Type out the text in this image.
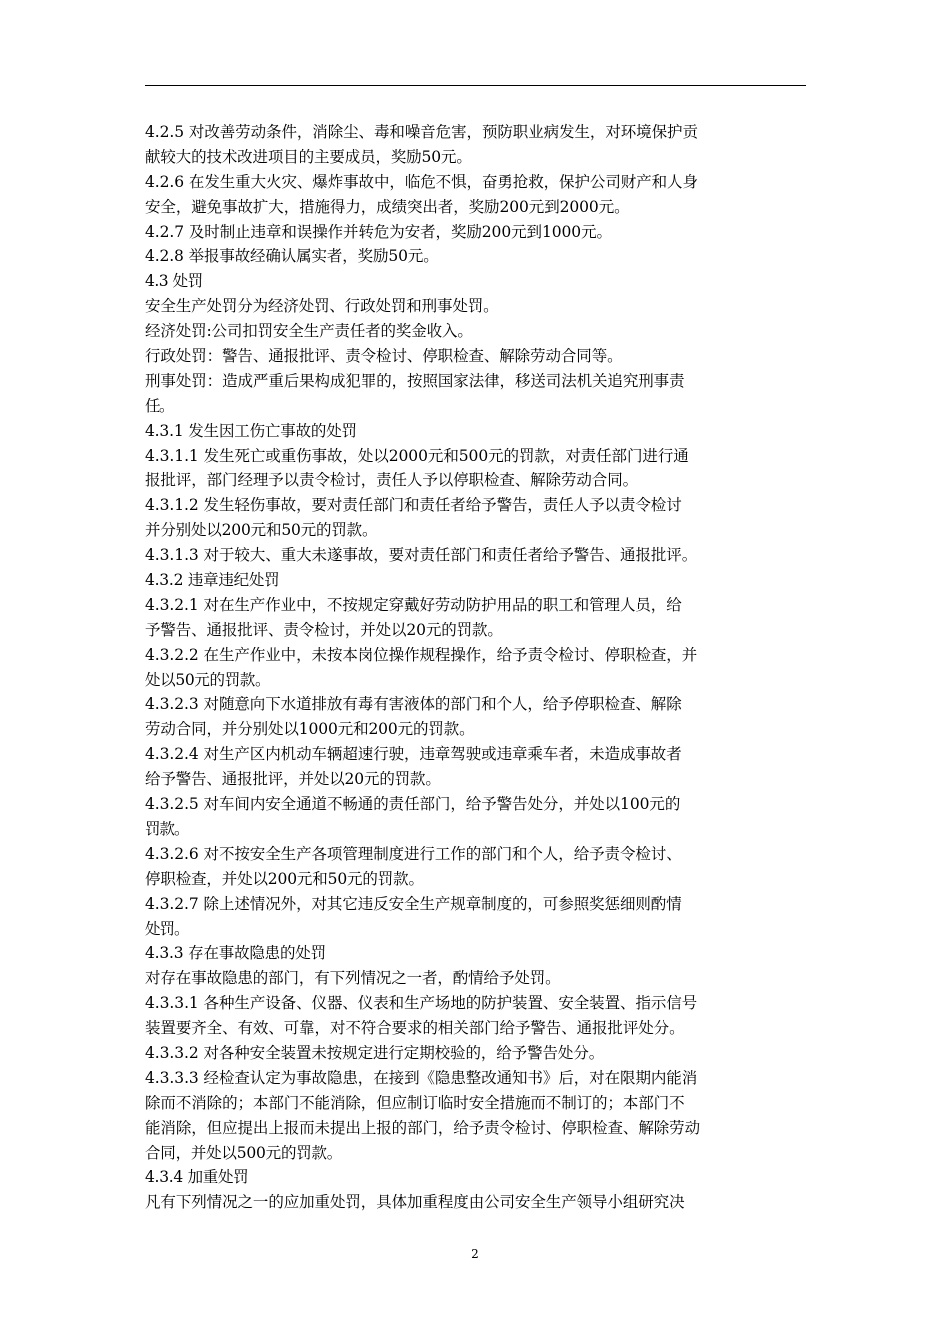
4.2.5 对改善劳动条件，消除尘、毒和噪音危害，预防职业病发生，对环境保护贡
献较大的技术改进项目的主要成员，奖励50元。
4.2.6 在发生重大火灾、爆炸事故中，临危不惧，奋勇抢救，保护公司财产和人身
安全，避免事故扩大，措施得力，成绩突出者，奖励200元到2000元。
4.2.7 及时制止违章和误操作并转危为安者，奖励200元到1000元。
4.2.8 举报事故经确认属实者，奖励50元。
4.3 处罚
安全生产处罚分为经济处罚、行政处罚和刑事处罚。
经济处罚:公司扣罚安全生产责任者的奖金收入。
行政处罚：警告、通报批评、责令检讨、停职检查、解除劳动合同等。
刑事处罚：造成严重后果构成犯罪的，按照国家法律，移送司法机关追究刑事责
任。
4.3.1 发生因工伤亡事故的处罚
4.3.1.1 发生死亡或重伤事故，处以2000元和500元的罚款，对责任部门进行通
报批评，部门经理予以责令检讨，责任人予以停职检查、解除劳动合同。
4.3.1.2 发生轻伤事故，要对责任部门和责任者给予警告，责任人予以责令检讨
并分别处以200元和50元的罚款。
4.3.1.3 对于较大、重大未遂事故，要对责任部门和责任者给予警告、通报批评。
4.3.2 违章违纪处罚
4.3.2.1 对在生产作业中，不按规定穿戴好劳动防护用品的职工和管理人员，给
予警告、通报批评、责令检讨，并处以20元的罚款。
4.3.2.2 在生产作业中，未按本岗位操作规程操作，给予责令检讨、停职检查，并
处以50元的罚款。
4.3.2.3 对随意向下水道排放有毒有害液体的部门和个人，给予停职检查、解除
劳动合同，并分别处以1000元和200元的罚款。
4.3.2.4 对生产区内机动车辆超速行驶，违章驾驶或违章乘车者，未造成事故者
给予警告、通报批评，并处以20元的罚款。
4.3.2.5 对车间内安全通道不畅通的责任部门，给予警告处分，并处以100元的
罚款。
4.3.2.6 对不按安全生产各项管理制度进行工作的部门和个人，给予责令检讨、
停职检查，并处以200元和50元的罚款。
4.3.2.7 除上述情况外，对其它违反安全生产规章制度的，可参照奖惩细则酌情
处罚。
4.3.3 存在事故隐患的处罚
对存在事故隐患的部门，有下列情况之一者，酌情给予处罚。
4.3.3.1 各种生产设备、仪器、仪表和生产场地的防护装置、安全装置、指示信号
装置要齐全、有效、可靠，对不符合要求的相关部门给予警告、通报批评处分。
4.3.3.2 对各种安全装置未按规定进行定期校验的，给予警告处分。
4.3.3.3 经检查认定为事故隐患，在接到《隐患整改通知书》后，对在限期内能消
除而不消除的；本部门不能消除，但应制订临时安全措施而不制订的；本部门不
能消除，但应提出上报而未提出上报的部门，给予责令检讨、停职检查、解除劳动
合同，并处以500元的罚款。
4.3.4 加重处罚
凡有下列情况之一的应加重处罚，具体加重程度由公司安全生产领导小组研究决
2
